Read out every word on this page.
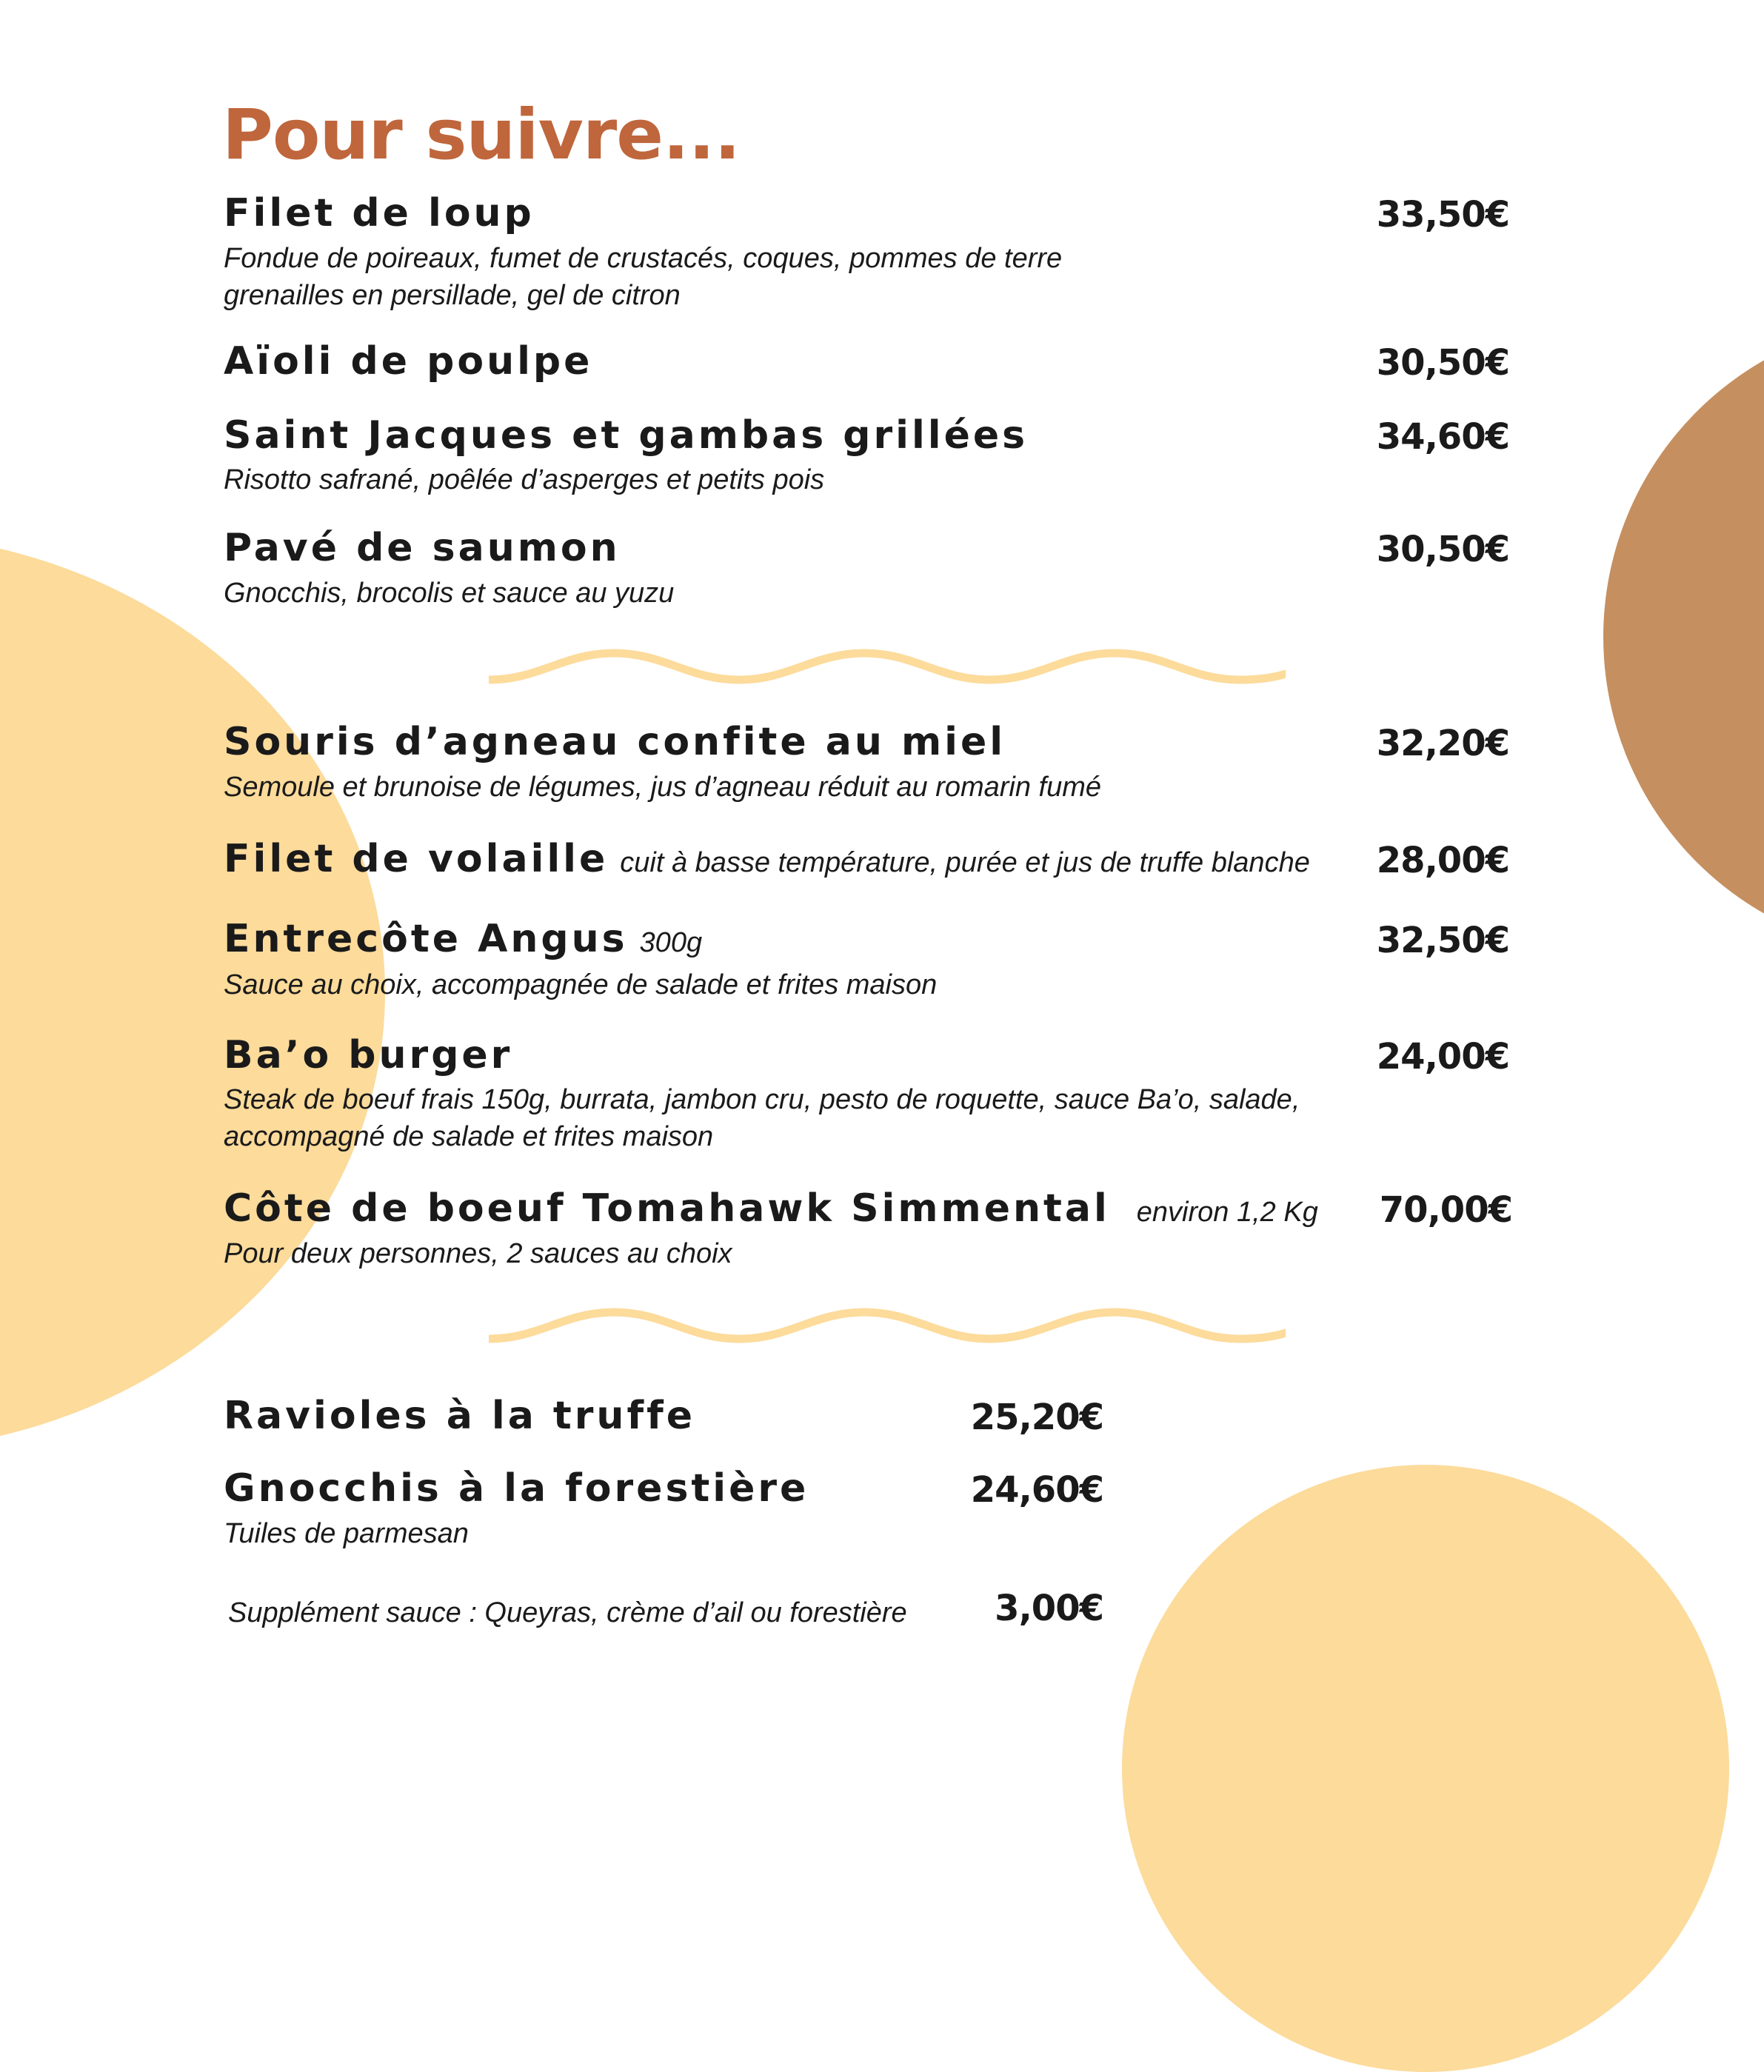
Pour suivre...
Filet de loup	33,50€
Fondue de poireaux, fumet de crustacés, coques, pommes de terre
grenailles en persillade, gel de citron
Aïoli de poulpe	30,50€
Saint Jacques et gambas grillées	34,60€
Risotto safrané, poêlée d’asperges et petits pois
Pavé de saumon	30,50€
Gnocchis, brocolis et sauce au yuzu
Souris d’agneau confite au miel	32,20€
Semoule et brunoise de légumes, jus d’agneau réduit au romarin fumé
Filet de volaille cuit à basse température, purée et jus de truffe blanche 28,00€
Entrecôte Angus 300g	32,50€
Sauce au choix, accompagnée de salade et frites maison
Ba’o burger	24,00€
Steak de boeuf frais 150g, burrata, jambon cru, pesto de roquette, sauce Ba’o, salade,
accompagné de salade et frites maison
Côte de boeuf Tomahawk Simmental environ 1,2 Kg 70,00€
Pour deux personnes, 2 sauces au choix
Ravioles à la truffe	25,20€
Gnocchis à la forestière	24,60€
Tuiles de parmesan
Supplément sauce : Queyras, crème d’ail ou forestière 3,00€
